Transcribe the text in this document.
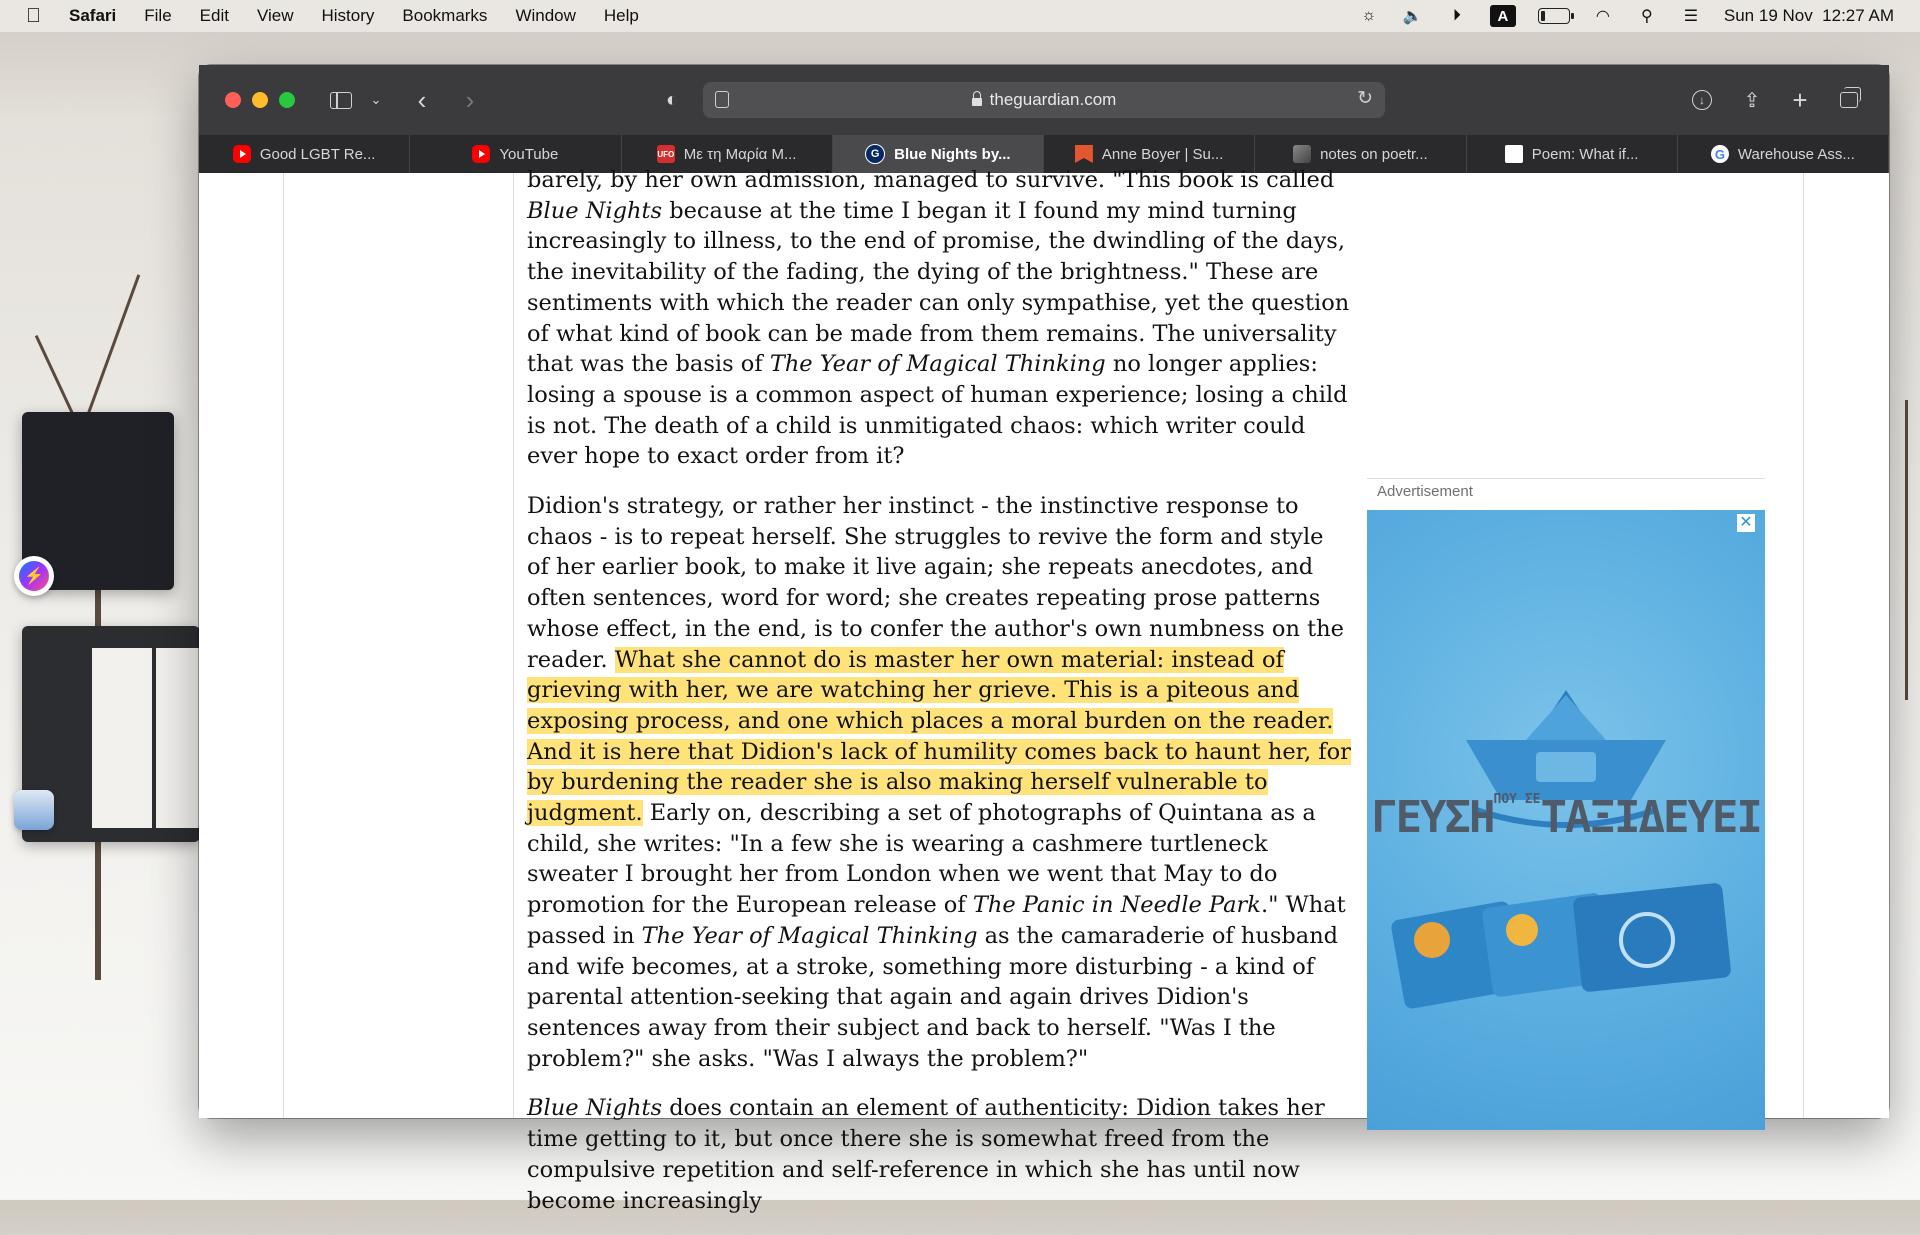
Safari File Edit View History Bookmarks Window Help	☼ 🔈	⏵	A	◠	⚲	☰ Sun 19 Nov  12:27 AM
⚡
⌄	‹	›	◐	theguardian.com	↻	↓	⇪ +
Good LGBT Re...	YouTube	UFO Με τη Μαρία Μ...	G Blue Nights by...	Anne Boyer | Su...	notes on poetr...	Poem: What if...	G Warehouse Ass...

barely, by her own admission, managed to survive. "This book is called Blue Nights because at the time I began it I found my mind turning increasingly to illness, to the end of promise, the dwindling of the days, the inevitability of the fading, the dying of the brightness." These are sentiments with which the reader can only sympathise, yet the question of what kind of book can be made from them remains. The universality that was the basis of The Year of Magical Thinking no longer applies: losing a spouse is a common aspect of human experience; losing a child is not. The death of a child is unmitigated chaos: which writer could ever hope to exact order from it?

Didion's strategy, or rather her instinct - the instinctive response to chaos - is to repeat herself. She struggles to revive the form and style of her earlier book, to make it live again; she repeats anecdotes, and often sentences, word for word; she creates repeating prose patterns whose effect, in the end, is to confer the author's own numbness on the reader. What she cannot do is master her own material: instead of grieving with her, we are watching her grieve. This is a piteous and exposing process, and one which places a moral burden on the reader. And it is here that Didion's lack of humility comes back to haunt her, for by burdening the reader she is also making herself vulnerable to judgment. Early on, describing a set of photographs of Quintana as a child, she writes: "In a few she is wearing a cashmere turtleneck sweater I brought her from London when we went that May to do promotion for the European release of The Panic in Needle Park." What passed in The Year of Magical Thinking as the camaraderie of husband and wife becomes, at a stroke, something more disturbing - a kind of parental attention-seeking that again and again drives Didion's sentences away from their subject and back to herself. "Was I the problem?" she asks. "Was I always the problem?"

Blue Nights does contain an element of authenticity: Didion takes her time getting to it, but once there she is somewhat freed from the compulsive repetition and self-reference in which she has until now become increasingly

Advertisement
✕
$\Gamma E\Upsilon\Sigma H^{\Pi O\Upsilon \Sigma E}TA\Xi I\Delta E\Upsilon EI$
